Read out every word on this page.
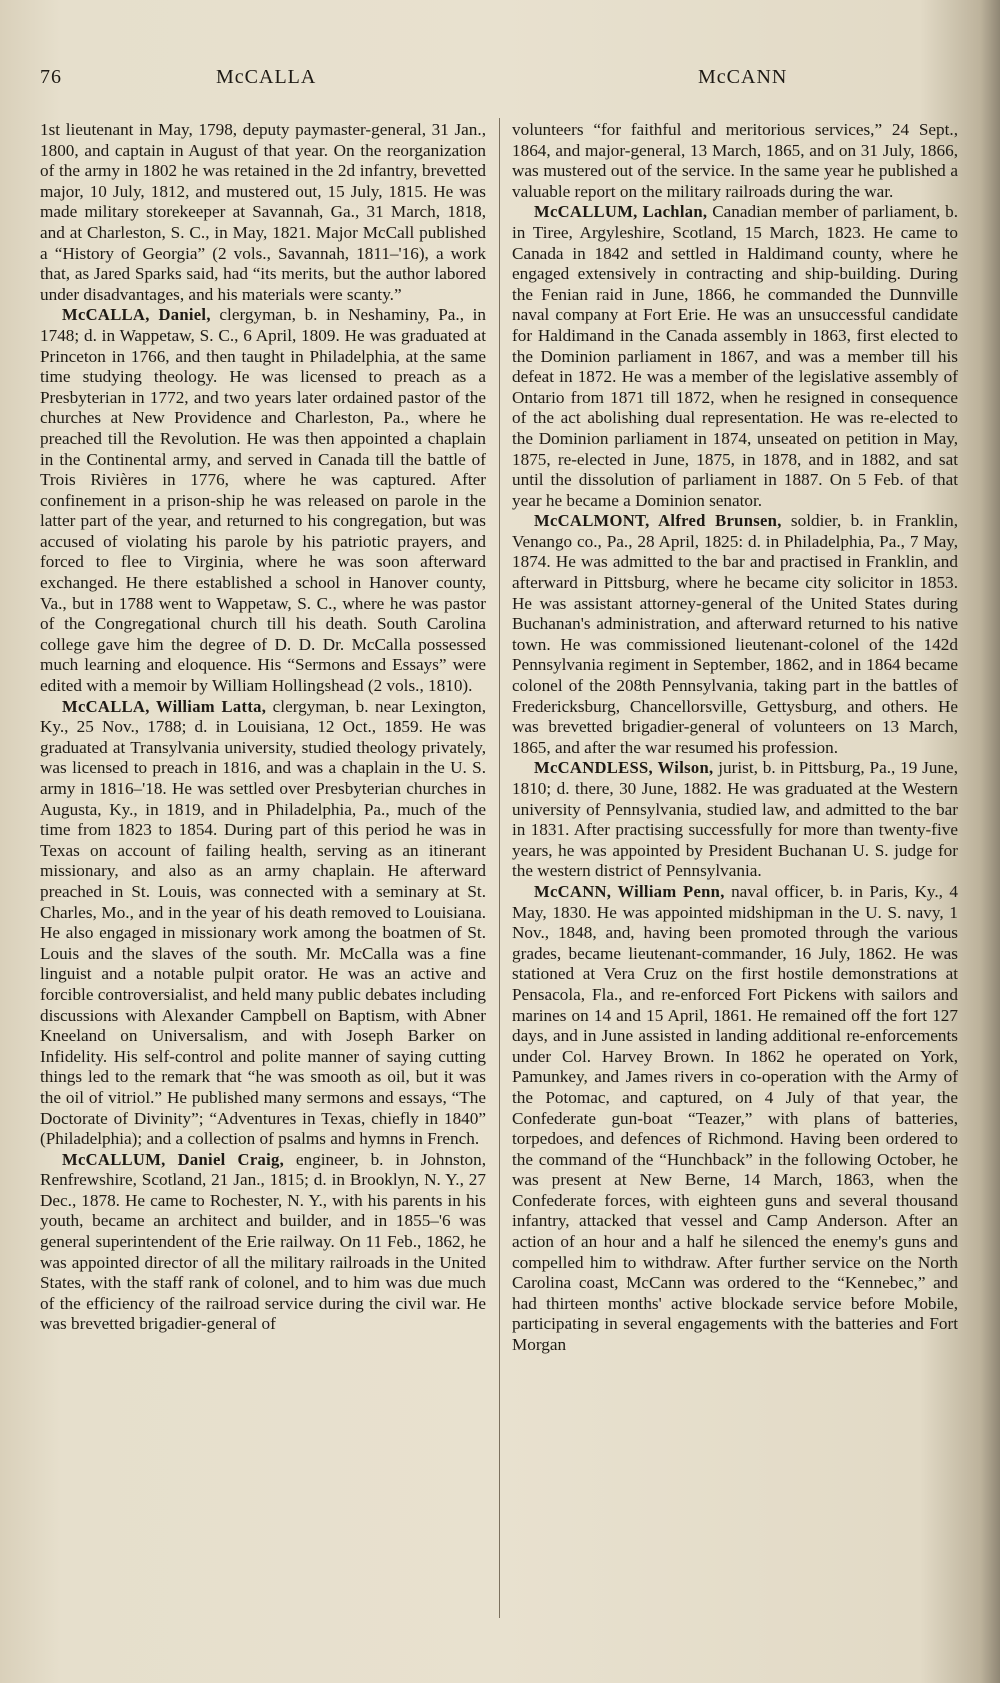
76	McCALLA	McCANN

1st lieutenant in May, 1798, deputy paymaster-general, 31 Jan., 1800, and captain in August of that year. On the reorganization of the army in 1802 he was retained in the 2d infantry, brevetted major, 10 July, 1812, and mustered out, 15 July, 1815. He was made military storekeeper at Savannah, Ga., 31 March, 1818, and at Charleston, S. C., in May, 1821. Major McCall published a “History of Georgia” (2 vols., Savannah, 1811–'16), a work that, as Jared Sparks said, had “its merits, but the author labored under disadvantages, and his materials were scanty.”

McCALLA, Daniel, clergyman, b. in Neshaminy, Pa., in 1748; d. in Wappetaw, S. C., 6 April, 1809. He was graduated at Princeton in 1766, and then taught in Philadelphia, at the same time studying theology. He was licensed to preach as a Presbyterian in 1772, and two years later ordained pastor of the churches at New Providence and Charleston, Pa., where he preached till the Revolution. He was then appointed a chaplain in the Continental army, and served in Canada till the battle of Trois Rivières in 1776, where he was captured. After confinement in a prison-ship he was released on parole in the latter part of the year, and returned to his congregation, but was accused of violating his parole by his patriotic prayers, and forced to flee to Virginia, where he was soon afterward exchanged. He there established a school in Hanover county, Va., but in 1788 went to Wappetaw, S. C., where he was pastor of the Congregational church till his death. South Carolina college gave him the degree of D. D. Dr. McCalla possessed much learning and eloquence. His “Sermons and Essays” were edited with a memoir by William Hollingshead (2 vols., 1810).

McCALLA, William Latta, clergyman, b. near Lexington, Ky., 25 Nov., 1788; d. in Louisiana, 12 Oct., 1859. He was graduated at Transylvania university, studied theology privately, was licensed to preach in 1816, and was a chaplain in the U. S. army in 1816–'18. He was settled over Presbyterian churches in Augusta, Ky., in 1819, and in Philadelphia, Pa., much of the time from 1823 to 1854. During part of this period he was in Texas on account of failing health, serving as an itinerant missionary, and also as an army chaplain. He afterward preached in St. Louis, was connected with a seminary at St. Charles, Mo., and in the year of his death removed to Louisiana. He also engaged in missionary work among the boatmen of St. Louis and the slaves of the south. Mr. McCalla was a fine linguist and a notable pulpit orator. He was an active and forcible controversialist, and held many public debates including discussions with Alexander Campbell on Baptism, with Abner Kneeland on Universalism, and with Joseph Barker on Infidelity. His self-control and polite manner of saying cutting things led to the remark that “he was smooth as oil, but it was the oil of vitriol.” He published many sermons and essays, “The Doctorate of Divinity”; “Adventures in Texas, chiefly in 1840” (Philadelphia); and a collection of psalms and hymns in French.

McCALLUM, Daniel Craig, engineer, b. in Johnston, Renfrewshire, Scotland, 21 Jan., 1815; d. in Brooklyn, N. Y., 27 Dec., 1878. He came to Rochester, N. Y., with his parents in his youth, became an architect and builder, and in 1855–'6 was general superintendent of the Erie railway. On 11 Feb., 1862, he was appointed director of all the military railroads in the United States, with the staff rank of colonel, and to him was due much of the efficiency of the railroad service during the civil war. He was brevetted brigadier-general of

volunteers “for faithful and meritorious services,” 24 Sept., 1864, and major-general, 13 March, 1865, and on 31 July, 1866, was mustered out of the service. In the same year he published a valuable report on the military railroads during the war.

McCALLUM, Lachlan, Canadian member of parliament, b. in Tiree, Argyleshire, Scotland, 15 March, 1823. He came to Canada in 1842 and settled in Haldimand county, where he engaged extensively in contracting and ship-building. During the Fenian raid in June, 1866, he commanded the Dunnville naval company at Fort Erie. He was an unsuccessful candidate for Haldimand in the Canada assembly in 1863, first elected to the Dominion parliament in 1867, and was a member till his defeat in 1872. He was a member of the legislative assembly of Ontario from 1871 till 1872, when he resigned in consequence of the act abolishing dual representation. He was re-elected to the Dominion parliament in 1874, unseated on petition in May, 1875, re-elected in June, 1875, in 1878, and in 1882, and sat until the dissolution of parliament in 1887. On 5 Feb. of that year he became a Dominion senator.

McCALMONT, Alfred Brunsen, soldier, b. in Franklin, Venango co., Pa., 28 April, 1825: d. in Philadelphia, Pa., 7 May, 1874. He was admitted to the bar and practised in Franklin, and afterward in Pittsburg, where he became city solicitor in 1853. He was assistant attorney-general of the United States during Buchanan's administration, and afterward returned to his native town. He was commissioned lieutenant-colonel of the 142d Pennsylvania regiment in September, 1862, and in 1864 became colonel of the 208th Pennsylvania, taking part in the battles of Fredericksburg, Chancellorsville, Gettysburg, and others. He was brevetted brigadier-general of volunteers on 13 March, 1865, and after the war resumed his profession.

McCANDLESS, Wilson, jurist, b. in Pittsburg, Pa., 19 June, 1810; d. there, 30 June, 1882. He was graduated at the Western university of Pennsylvania, studied law, and admitted to the bar in 1831. After practising successfully for more than twenty-five years, he was appointed by President Buchanan U. S. judge for the western district of Pennsylvania.

McCANN, William Penn, naval officer, b. in Paris, Ky., 4 May, 1830. He was appointed midshipman in the U. S. navy, 1 Nov., 1848, and, having been promoted through the various grades, became lieutenant-commander, 16 July, 1862. He was stationed at Vera Cruz on the first hostile demonstrations at Pensacola, Fla., and re-enforced Fort Pickens with sailors and marines on 14 and 15 April, 1861. He remained off the fort 127 days, and in June assisted in landing additional re-enforcements under Col. Harvey Brown. In 1862 he operated on York, Pamunkey, and James rivers in co-operation with the Army of the Potomac, and captured, on 4 July of that year, the Confederate gun-boat “Teazer,” with plans of batteries, torpedoes, and defences of Richmond. Having been ordered to the command of the “Hunchback” in the following October, he was present at New Berne, 14 March, 1863, when the Confederate forces, with eighteen guns and several thousand infantry, attacked that vessel and Camp Anderson. After an action of an hour and a half he silenced the enemy's guns and compelled him to withdraw. After further service on the North Carolina coast, McCann was ordered to the “Kennebec,” and had thirteen months' active blockade service before Mobile, participating in several engagements with the batteries and Fort Morgan
